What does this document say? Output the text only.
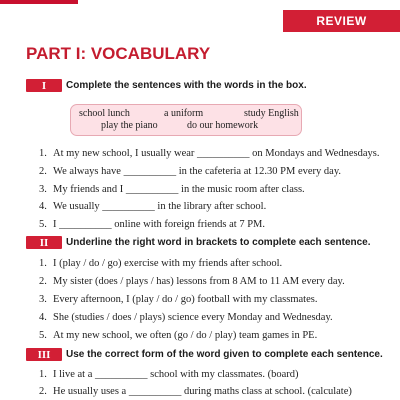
REVIEW
PART I: VOCABULARY
I	Complete the sentences with the words in the box.
school lunch	a uniform	study English
play the piano	do our homework
1. At my new school, I usually wear __________ on Mondays and Wednesdays.
2. We always have __________ in the cafeteria at 12.30 PM every day.
3. My friends and I __________ in the music room after class.
4. We usually __________ in the library after school.
5. I __________ online with foreign friends at 7 PM.
II	Underline the right word in brackets to complete each sentence.
1. I (play / do / go) exercise with my friends after school.
2. My sister (does / plays / has) lessons from 8 AM to 11 AM every day.
3. Every afternoon, I (play / do / go) football with my classmates.
4. She (studies / does / plays) science every Monday and Wednesday.
5. At my new school, we often (go / do / play) team games in PE.
III	Use the correct form of the word given to complete each sentence.
1. I live at a __________ school with my classmates. (board)
2. He usually uses a __________ during maths class at school. (calculate)
